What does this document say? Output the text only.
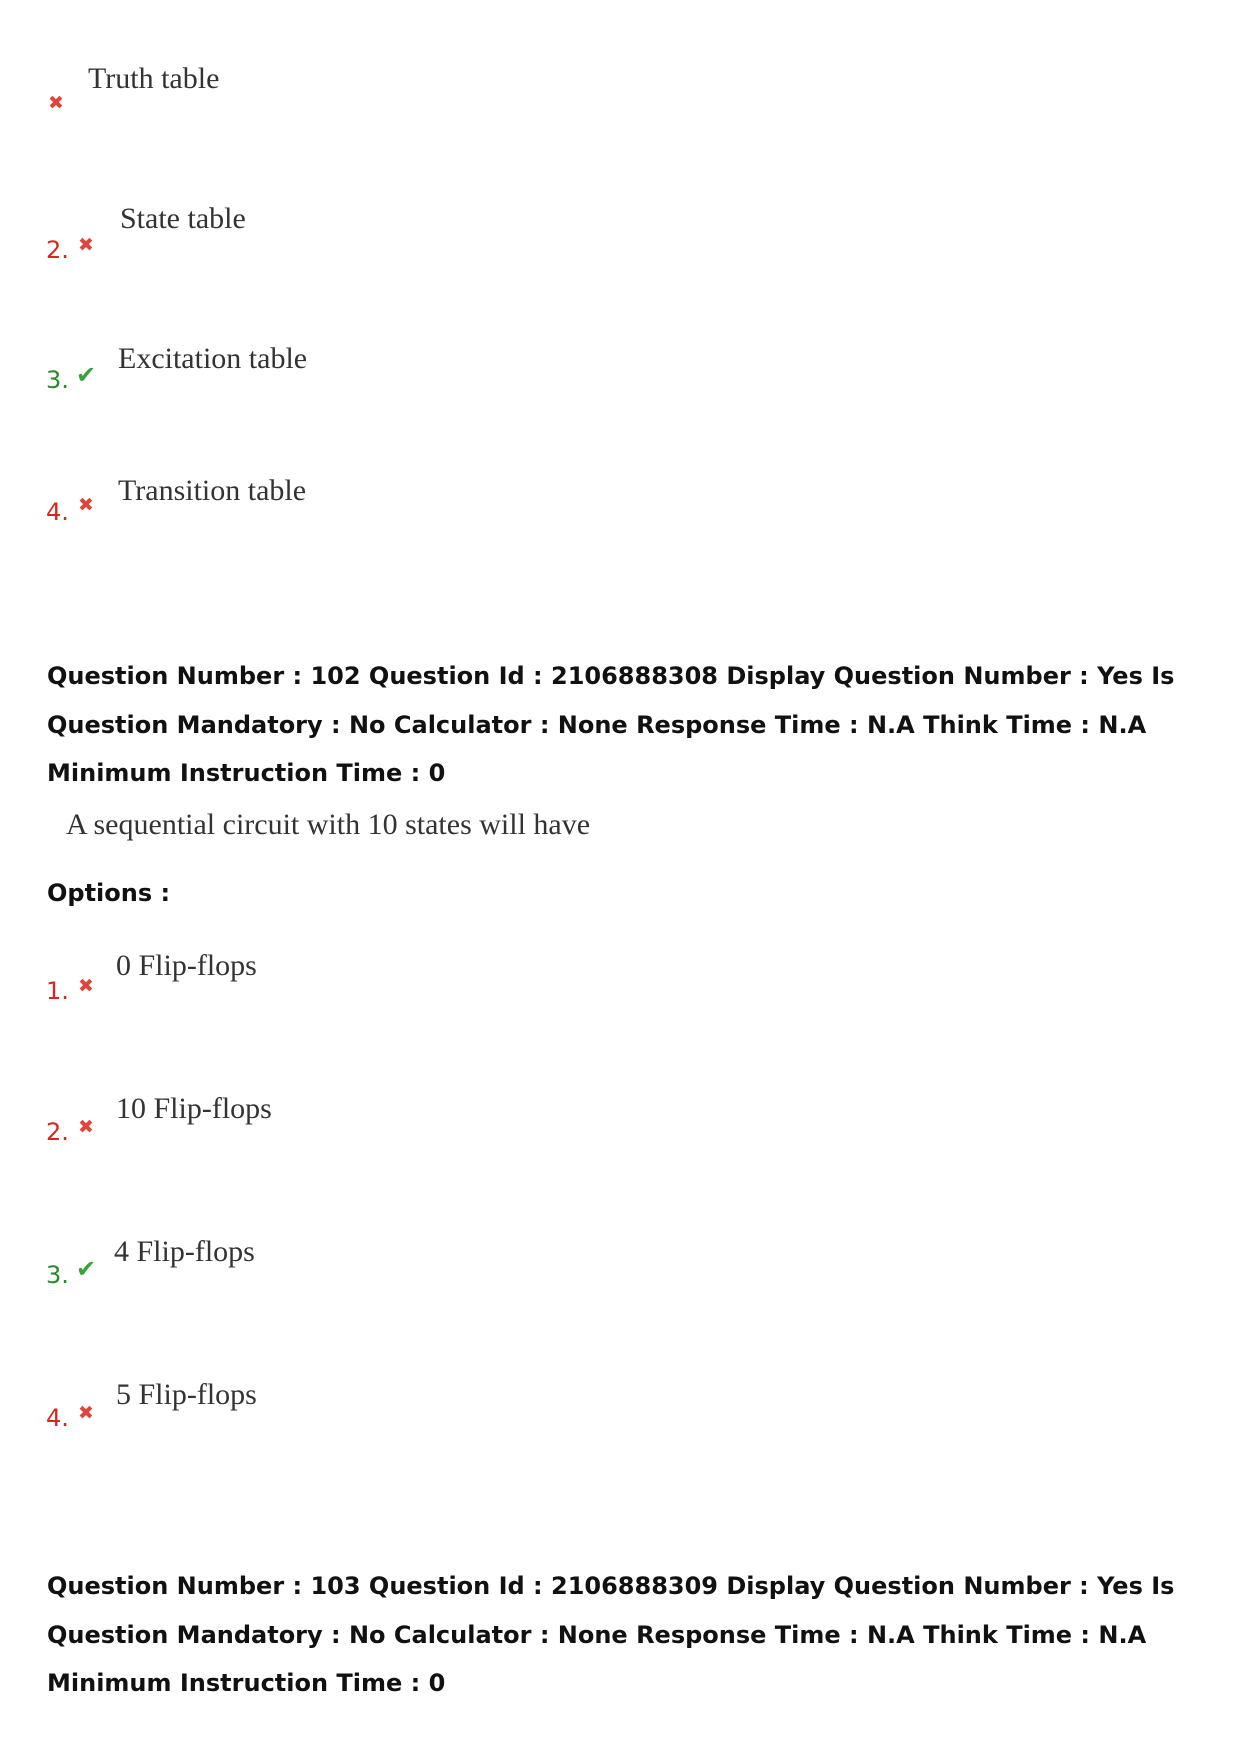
✖
Truth table
2. ✖
State table
3. ✔ Excitation table
4. ✖ Transition table

Question Number : 102 Question Id : 2106888308 Display Question Number : Yes Is Question Mandatory : No Calculator : None Response Time : N.A Think Time : N.A Minimum Instruction Time : 0

A sequential circuit with 10 states will have
Options :
1. ✖
0 Flip-flops
2. ✖
10 Flip-flops
3. ✔
4 Flip-flops
4. ✖
5 Flip-flops

Question Number : 103 Question Id : 2106888309 Display Question Number : Yes Is Question Mandatory : No Calculator : None Response Time : N.A Think Time : N.A Minimum Instruction Time : 0
